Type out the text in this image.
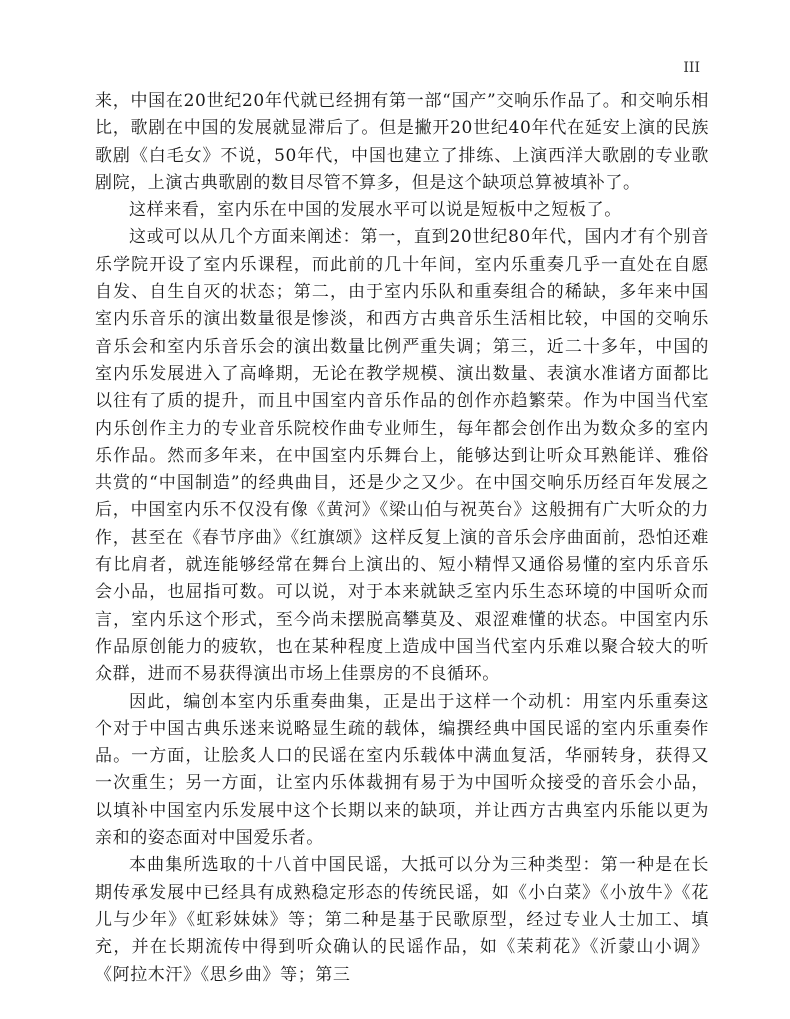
III

来，中国在20世纪20年代就已经拥有第一部“国产”交响乐作品了。和交响乐相比，歌剧在中国的发展就显滞后了。但是撇开20世纪40年代在延安上演的民族歌剧《白毛女》不说，50年代，中国也建立了排练、上演西洋大歌剧的专业歌剧院，上演古典歌剧的数目尽管不算多，但是这个缺项总算被填补了。

这样来看，室内乐在中国的发展水平可以说是短板中之短板了。

这或可以从几个方面来阐述：第一，直到20世纪80年代，国内才有个别音乐学院开设了室内乐课程，而此前的几十年间，室内乐重奏几乎一直处在自愿自发、自生自灭的状态；第二，由于室内乐队和重奏组合的稀缺，多年来中国室内乐音乐的演出数量很是惨淡，和西方古典音乐生活相比较，中国的交响乐音乐会和室内乐音乐会的演出数量比例严重失调；第三，近二十多年，中国的室内乐发展进入了高峰期，无论在教学规模、演出数量、表演水准诸方面都比以往有了质的提升，而且中国室内音乐作品的创作亦趋繁荣。作为中国当代室内乐创作主力的专业音乐院校作曲专业师生，每年都会创作出为数众多的室内乐作品。然而多年来，在中国室内乐舞台上，能够达到让听众耳熟能详、雅俗共赏的“中国制造”的经典曲目，还是少之又少。在中国交响乐历经百年发展之后，中国室内乐不仅没有像《黄河》《梁山伯与祝英台》这般拥有广大听众的力作，甚至在《春节序曲》《红旗颂》这样反复上演的音乐会序曲面前，恐怕还难有比肩者，就连能够经常在舞台上演出的、短小精悍又通俗易懂的室内乐音乐会小品，也屈指可数。可以说，对于本来就缺乏室内乐生态环境的中国听众而言，室内乐这个形式，至今尚未摆脱高攀莫及、艰涩难懂的状态。中国室内乐作品原创能力的疲软，也在某种程度上造成中国当代室内乐难以聚合较大的听众群，进而不易获得演出市场上佳票房的不良循环。

因此，编创本室内乐重奏曲集，正是出于这样一个动机：用室内乐重奏这个对于中国古典乐迷来说略显生疏的载体，编撰经典中国民谣的室内乐重奏作品。一方面，让脍炙人口的民谣在室内乐载体中满血复活，华丽转身，获得又一次重生；另一方面，让室内乐体裁拥有易于为中国听众接受的音乐会小品，以填补中国室内乐发展中这个长期以来的缺项，并让西方古典室内乐能以更为亲和的姿态面对中国爱乐者。

本曲集所选取的十八首中国民谣，大抵可以分为三种类型：第一种是在长期传承发展中已经具有成熟稳定形态的传统民谣，如《小白菜》《小放牛》《花儿与少年》《虹彩妹妹》等；第二种是基于民歌原型，经过专业人士加工、填充，并在长期流传中得到听众确认的民谣作品，如《茉莉花》《沂蒙山小调》《阿拉木汗》《思乡曲》等；第三
